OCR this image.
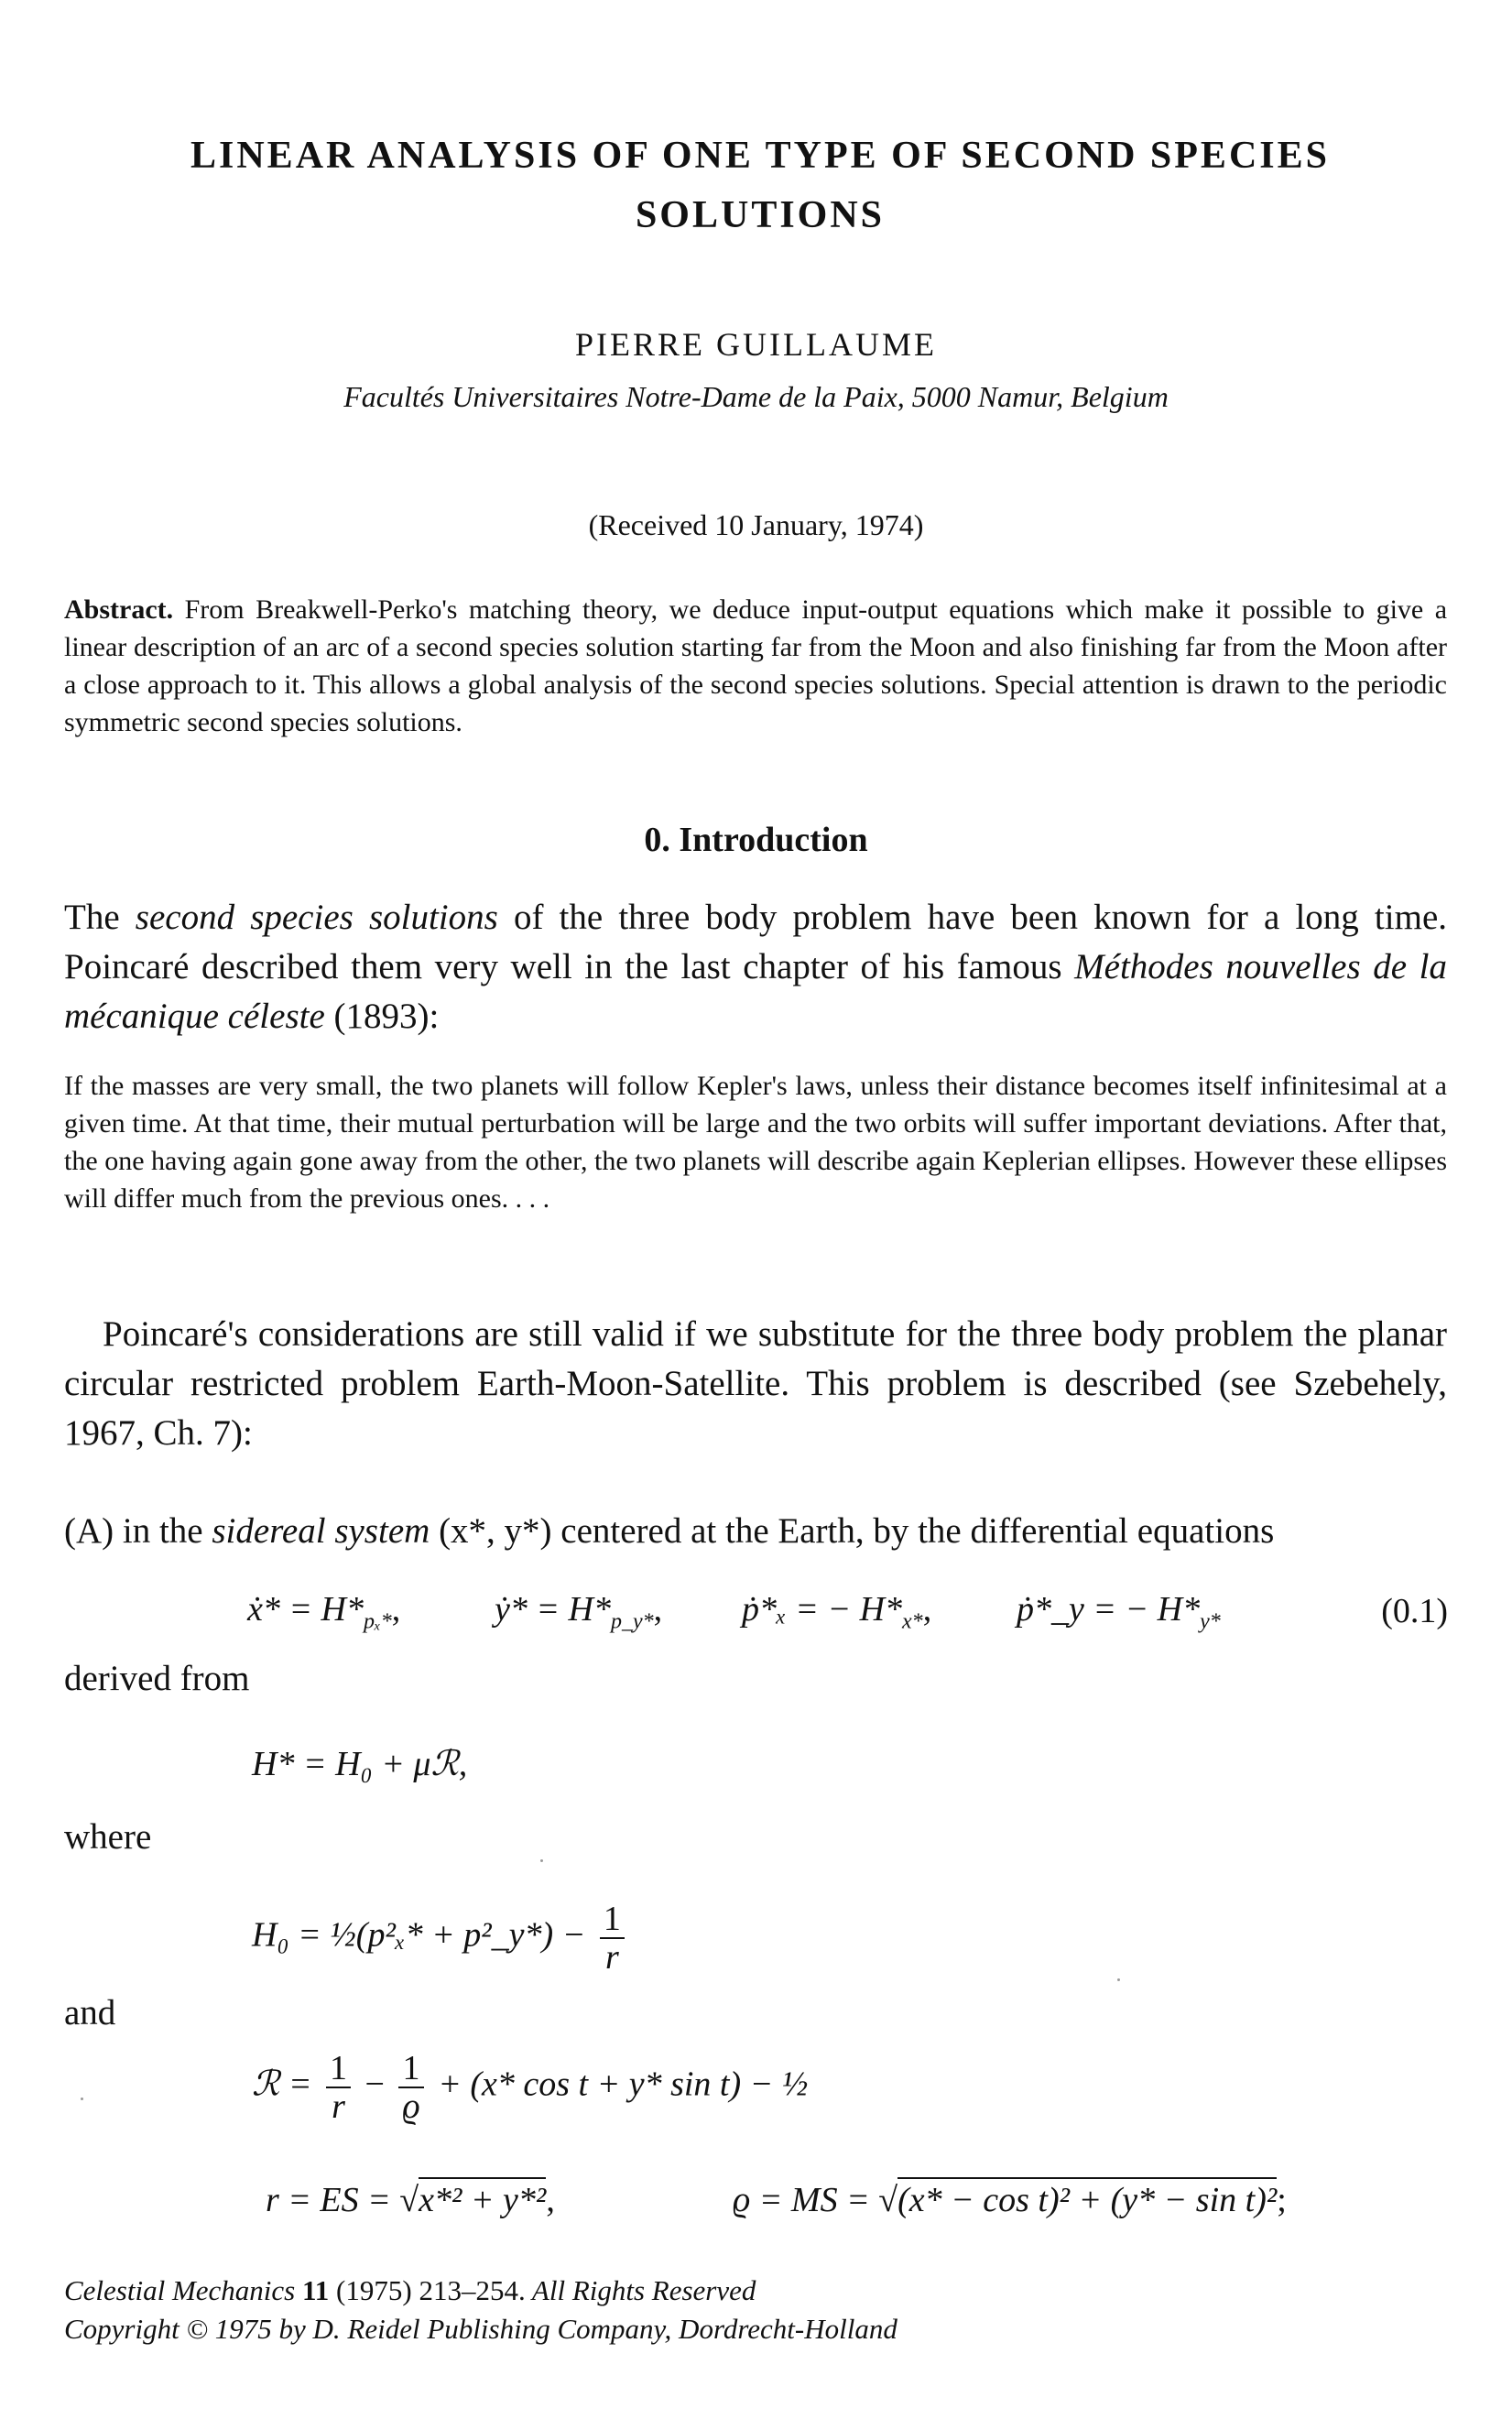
LINEAR ANALYSIS OF ONE TYPE OF SECOND SPECIES
SOLUTIONS
PIERRE GUILLAUME
Facultés Universitaires Notre-Dame de la Paix, 5000 Namur, Belgium
(Received 10 January, 1974)
Abstract. From Breakwell-Perko's matching theory, we deduce input-output equations which make it possible to give a linear description of an arc of a second species solution starting far from the Moon and also finishing far from the Moon after a close approach to it. This allows a global analysis of the second species solutions. Special attention is drawn to the periodic symmetric second species solutions.
0. Introduction
The second species solutions of the three body problem have been known for a long time. Poincaré described them very well in the last chapter of his famous Méthodes nouvelles de la mécanique céleste (1893):
If the masses are very small, the two planets will follow Kepler's laws, unless their distance becomes itself infinitesimal at a given time. At that time, their mutual perturbation will be large and the two orbits will suffer important deviations. After that, the one having again gone away from the other, the two planets will describe again Keplerian ellipses. However these ellipses will differ much from the previous ones. . . .
Poincaré's considerations are still valid if we substitute for the three body problem the planar circular restricted problem Earth-Moon-Satellite. This problem is described (see Szebehely, 1967, Ch. 7):
(A) in the sidereal system (x*, y*) centered at the Earth, by the differential equations
ẋ* = $H*_{p_x*}$,	ẏ* = $H*_{p\_y*}$, ṗ*ₓ = − $H*_{x*}$, ṗ*_y = − $H*_{y*}$	(0.1)
derived from
H* = H₀ + μℛ,
where
H₀ = ½(p²ₓ* + p²_y*) − $\frac{1}{r}$
and
ℛ = $\frac{1}{r} - \frac{1}{ϱ} + (x*$ cos t + y* sin t) − ½
r = ES = √x*² + y*²,	ϱ = MS = √(x* − cos t)² + (y* − sin t)²;
Celestial Mechanics 11 (1975) 213–254. All Rights Reserved
Copyright © 1975 by D. Reidel Publishing Company, Dordrecht-Holland
